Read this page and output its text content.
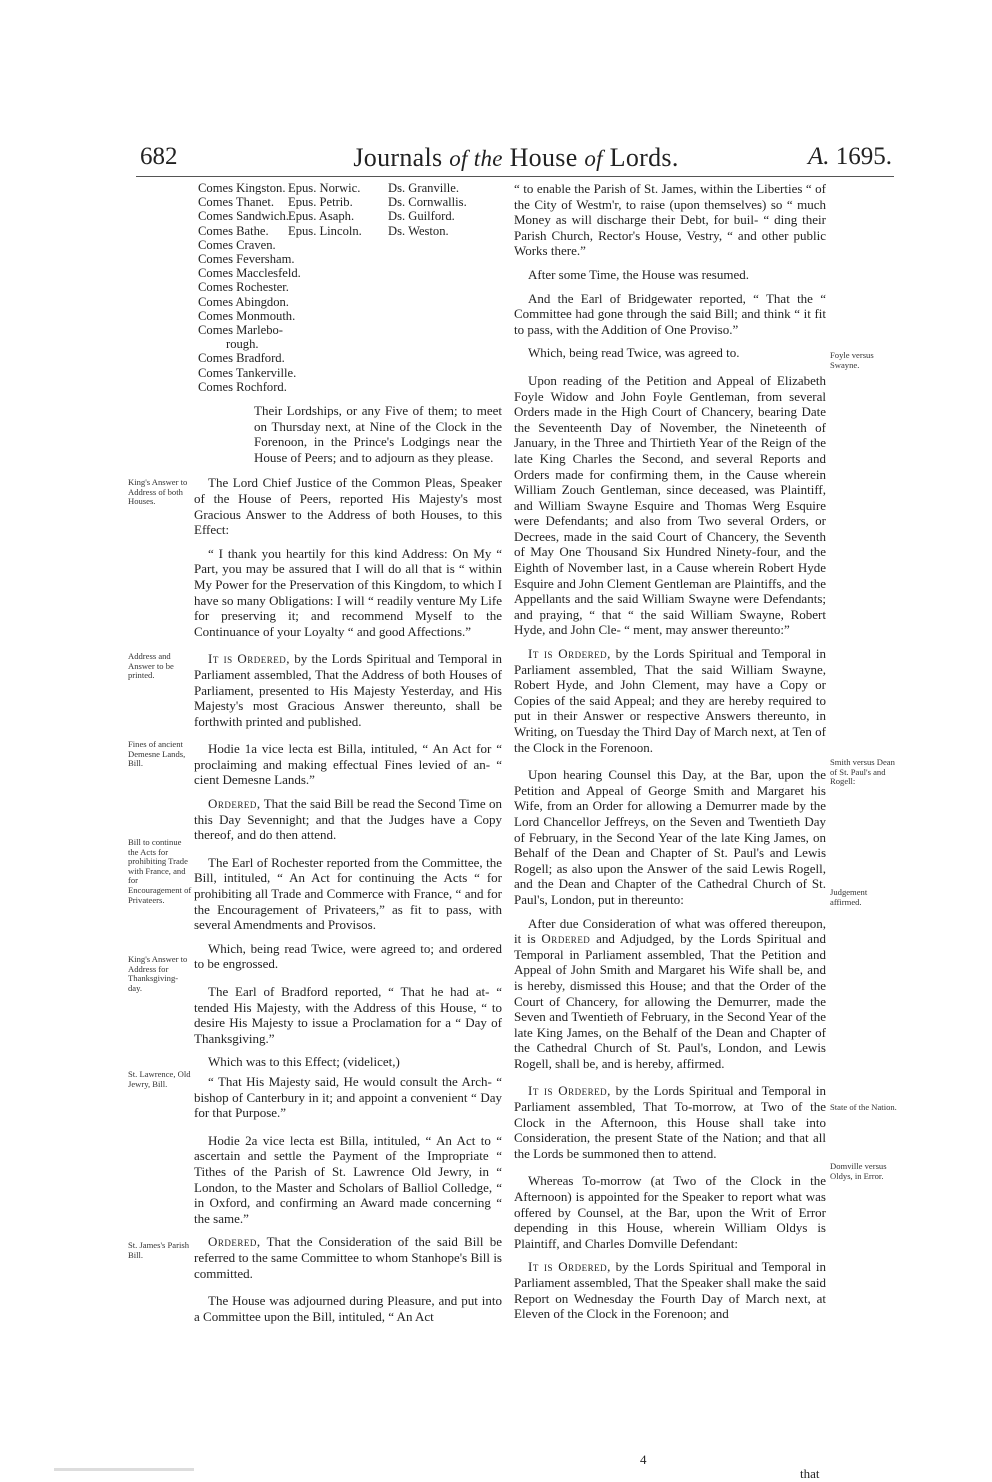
682	Journals of the House of Lords.	A. 1695.
Comes Kingston.
Comes Thanet.
Comes Sandwich.
Comes Bathe.
Comes Craven.
Comes Feversham.
Comes Macclesfeld.
Comes Rochester.
Comes Abingdon.
Comes Monmouth.
Comes Marlebo-
rough.
Comes Bradford.
Comes Tankerville.
Comes Rochford.
Epus. Norwic.
Epus. Petrib.
Epus. Asaph.
Epus. Lincoln.
Ds. Granville.
Ds. Cornwallis.
Ds. Guilford.
Ds. Weston.

Their Lordships, or any Five of them; to meet on Thursday next, at Nine of the Clock in the Forenoon, in the Prince's Lodgings near the House of Peers; and to adjourn as they please.

The Lord Chief Justice of the Common Pleas, Speaker of the House of Peers, reported His Majesty's most Gracious Answer to the Address of both Houses, to this Effect:

“ I thank you heartily for this kind Address: On My “ Part, you may be assured that I will do all that is “ within My Power for the Preservation of this Kingdom, to which I have so many Obligations: I will “ readily venture My Life for preserving it; and recommend Myself to the Continuance of your Loyalty “ and good Affections.”

It is Ordered, by the Lords Spiritual and Temporal in Parliament assembled, That the Address of both Houses of Parliament, presented to His Majesty Yesterday, and His Majesty's most Gracious Answer thereunto, shall be forthwith printed and published.

Hodie 1a vice lecta est Billa, intituled, “ An Act for “ proclaiming and making effectual Fines levied of an- “ cient Demesne Lands.”

Ordered, That the said Bill be read the Second Time on this Day Sevennight; and that the Judges have a Copy thereof, and do then attend.

The Earl of Rochester reported from the Committee, the Bill, intituled, “ An Act for continuing the Acts “ for prohibiting all Trade and Commerce with France, “ and for the Encouragement of Privateers,” as fit to pass, with several Amendments and Provisos.

Which, being read Twice, were agreed to; and ordered to be engrossed.

The Earl of Bradford reported, “ That he had at- “ tended His Majesty, with the Address of this House, “ to desire His Majesty to issue a Proclamation for a “ Day of Thanksgiving.”

Which was to this Effect; (videlicet,)

“ That His Majesty said, He would consult the Arch- “ bishop of Canterbury in it; and appoint a convenient “ Day for that Purpose.”

Hodie 2a vice lecta est Billa, intituled, “ An Act to “ ascertain and settle the Payment of the Impropriate “ Tithes of the Parish of St. Lawrence Old Jewry, in “ London, to the Master and Scholars of Balliol Colledge, “ in Oxford, and confirming an Award made concerning “ the same.”

Ordered, That the Consideration of the said Bill be referred to the same Committee to whom Stanhope's Bill is committed.

The House was adjourned during Pleasure, and put into a Committee upon the Bill, intituled, “ An Act

“ to enable the Parish of St. James, within the Liberties “ of the City of Westm'r, to raise (upon themselves) so “ much Money as will discharge their Debt, for buil- “ ding their Parish Church, Rector's House, Vestry, “ and other public Works there.”

After some Time, the House was resumed.

And the Earl of Bridgewater reported, “ That the “ Committee had gone through the said Bill; and think “ it fit to pass, with the Addition of One Proviso.”

Which, being read Twice, was agreed to.

Upon reading of the Petition and Appeal of Elizabeth Foyle Widow and John Foyle Gentleman, from several Orders made in the High Court of Chancery, bearing Date the Seventeenth Day of November, the Nineteenth of January, in the Three and Thirtieth Year of the Reign of the late King Charles the Second, and several Reports and Orders made for confirming them, in the Cause wherein William Zouch Gentleman, since deceased, was Plaintiff, and William Swayne Esquire and Thomas Werg Esquire were Defendants; and also from Two several Orders, or Decrees, made in the said Court of Chancery, the Seventh of May One Thousand Six Hundred Ninety-four, and the Eighth of November last, in a Cause wherein Robert Hyde Esquire and John Clement Gentleman are Plaintiffs, and the Appellants and the said William Swayne were Defendants; and praying, “ that “ the said William Swayne, Robert Hyde, and John Cle- “ ment, may answer thereunto:”

It is Ordered, by the Lords Spiritual and Temporal in Parliament assembled, That the said William Swayne, Robert Hyde, and John Clement, may have a Copy or Copies of the said Appeal; and they are hereby required to put in their Answer or respective Answers thereunto, in Writing, on Tuesday the Third Day of March next, at Ten of the Clock in the Forenoon.

Upon hearing Counsel this Day, at the Bar, upon the Petition and Appeal of George Smith and Margaret his Wife, from an Order for allowing a Demurrer made by the Lord Chancellor Jeffreys, on the Seven and Twentieth Day of February, in the Second Year of the late King James, on Behalf of the Dean and Chapter of St. Paul's and Lewis Rogell; as also upon the Answer of the said Lewis Rogell, and the Dean and Chapter of the Cathedral Church of St. Paul's, London, put in thereunto:

After due Consideration of what was offered thereupon, it is Ordered and Adjudged, by the Lords Spiritual and Temporal in Parliament assembled, That the Petition and Appeal of John Smith and Margaret his Wife shall be, and is hereby, dismissed this House; and that the Order of the Court of Chancery, for allowing the Demurrer, made the Seven and Twentieth of February, in the Second Year of the late King James, on the Behalf of the Dean and Chapter of the Cathedral Church of St. Paul's, London, and Lewis Rogell, shall be, and is hereby, affirmed.

It is Ordered, by the Lords Spiritual and Temporal in Parliament assembled, That To-morrow, at Two of the Clock in the Afternoon, this House shall take into Consideration, the present State of the Nation; and that all the Lords be summoned then to attend.

Whereas To-morrow (at Two of the Clock in the Afternoon) is appointed for the Speaker to report what was offered by Counsel, at the Bar, upon the Writ of Error depending in this House, wherein William Oldys is Plaintiff, and Charles Domville Defendant:

It is Ordered, by the Lords Spiritual and Temporal in Parliament assembled, That the Speaker shall make the said Report on Wednesday the Fourth Day of March next, at Eleven of the Clock in the Forenoon; and

King's Answer to Address of both Houses.
Address and Answer to be printed.
Fines of ancient Demesne Lands, Bill.
Bill to continue the Acts for prohibiting Trade with France, and for Encouragement of Privateers.
King's Answer to Address for Thanksgiving-day.
St. Lawrence, Old Jewry, Bill.
St. James's Parish Bill.
Foyle versus Swayne.
Smith versus Dean of St. Paul's and Rogell:
Judgement affirmed.
State of the Nation.
Domville versus Oldys, in Error.
4
that
